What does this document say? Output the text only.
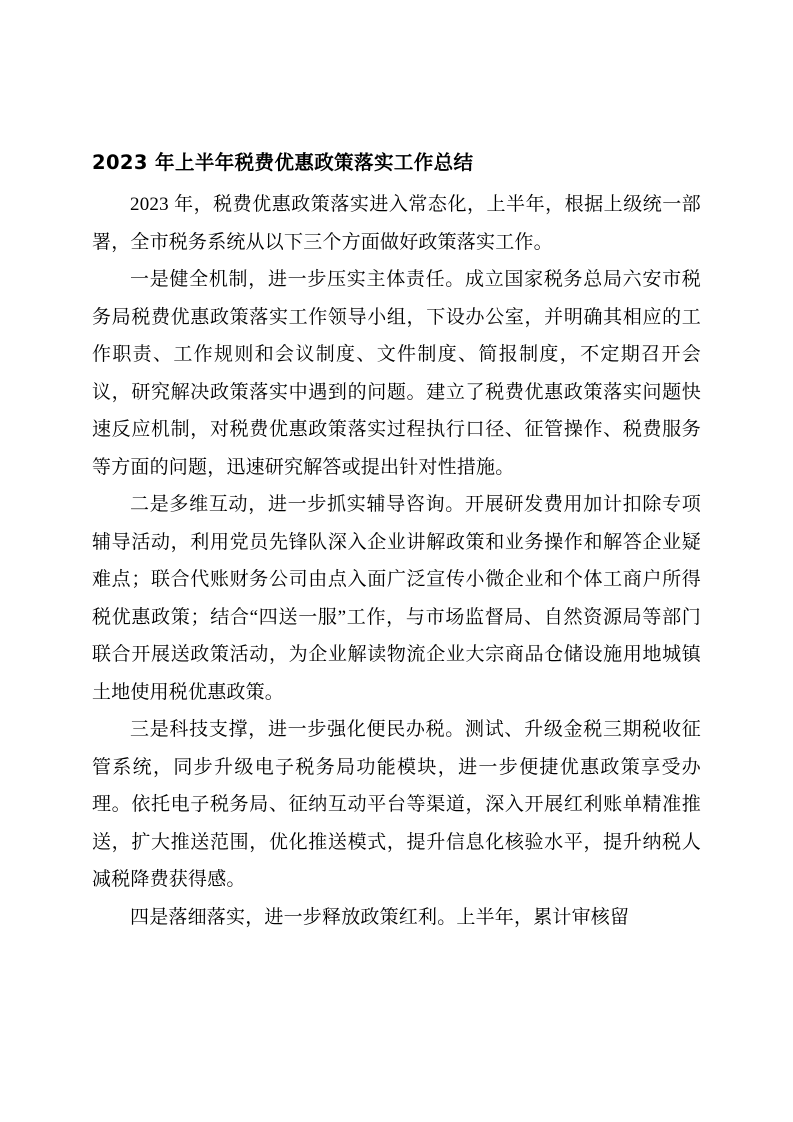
2023 年上半年税费优惠政策落实工作总结

2023 年，税费优惠政策落实进入常态化，上半年，根据上级统一部署，全市税务系统从以下三个方面做好政策落实工作。

一是健全机制，进一步压实主体责任。成立国家税务总局六安市税务局税费优惠政策落实工作领导小组，下设办公室，并明确其相应的工作职责、工作规则和会议制度、文件制度、简报制度，不定期召开会议，研究解决政策落实中遇到的问题。建立了税费优惠政策落实问题快速反应机制，对税费优惠政策落实过程执行口径、征管操作、税费服务等方面的问题，迅速研究解答或提出针对性措施。

二是多维互动，进一步抓实辅导咨询。开展研发费用加计扣除专项辅导活动，利用党员先锋队深入企业讲解政策和业务操作和解答企业疑难点；联合代账财务公司由点入面广泛宣传小微企业和个体工商户所得税优惠政策；结合“四送一服”工作，与市场监督局、自然资源局等部门联合开展送政策活动，为企业解读物流企业大宗商品仓储设施用地城镇土地使用税优惠政策。

三是科技支撑，进一步强化便民办税。测试、升级金税三期税收征管系统，同步升级电子税务局功能模块，进一步便捷优惠政策享受办理。依托电子税务局、征纳互动平台等渠道，深入开展红利账单精准推送，扩大推送范围，优化推送模式，提升信息化核验水平，提升纳税人减税降费获得感。

四是落细落实，进一步释放政策红利。上半年，累计审核留
